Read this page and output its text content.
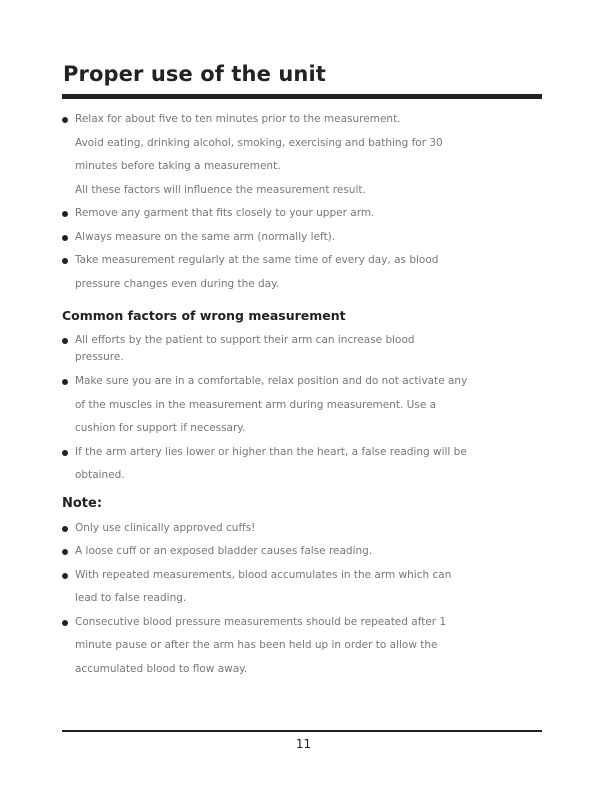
Proper use of the unit
Relax for about five to ten minutes prior to the measurement.
Avoid eating, drinking alcohol, smoking, exercising and bathing for 30
minutes before taking a measurement.
All these factors will influence the measurement result.
Remove any garment that fits closely to your upper arm.
Always measure on the same arm (normally left).
Take measurement regularly at the same time of every day, as blood
pressure changes even during the day.
Common factors of wrong measurement
All efforts by the patient to support their arm can increase blood
pressure.
Make sure you are in a comfortable, relax position and do not activate any
of the muscles in the measurement arm during measurement. Use a
cushion for support if necessary.
If the arm artery lies lower or higher than the heart, a false reading will be
obtained.
Note:
Only use clinically approved cuffs!
A loose cuff or an exposed bladder causes false reading.
With repeated measurements, blood accumulates in the arm which can
lead to false reading.
Consecutive blood pressure measurements should be repeated after 1
minute pause or after the arm has been held up in order to allow the
accumulated blood to flow away.
11
